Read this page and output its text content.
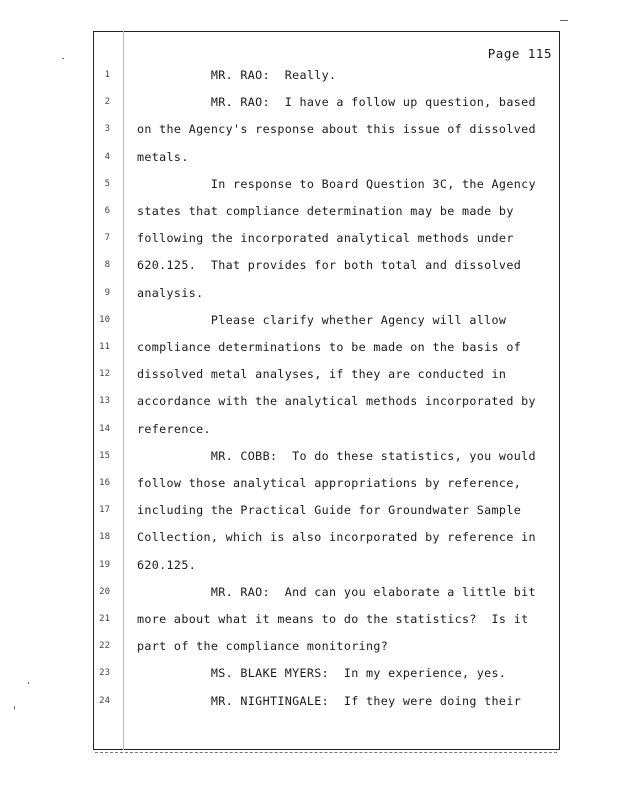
Page 115
1 MR. RAO:  Really.
2 MR. RAO:  I have a follow up question, based
3 on the Agency's response about this issue of dissolved
4 metals.
5 In response to Board Question 3C, the Agency
6 states that compliance determination may be made by
7 following the incorporated analytical methods under
8 620.125.  That provides for both total and dissolved
9 analysis.
10 Please clarify whether Agency will allow
11 compliance determinations to be made on the basis of
12 dissolved metal analyses, if they are conducted in
13 accordance with the analytical methods incorporated by
14 reference.
15 MR. COBB:  To do these statistics, you would
16 follow those analytical appropriations by reference,
17 including the Practical Guide for Groundwater Sample
18 Collection, which is also incorporated by reference in
19 620.125.
20 MR. RAO:  And can you elaborate a little bit
21 more about what it means to do the statistics?  Is it
22 part of the compliance monitoring?
23 MS. BLAKE MYERS:  In my experience, yes.
24 MR. NIGHTINGALE:  If they were doing their
